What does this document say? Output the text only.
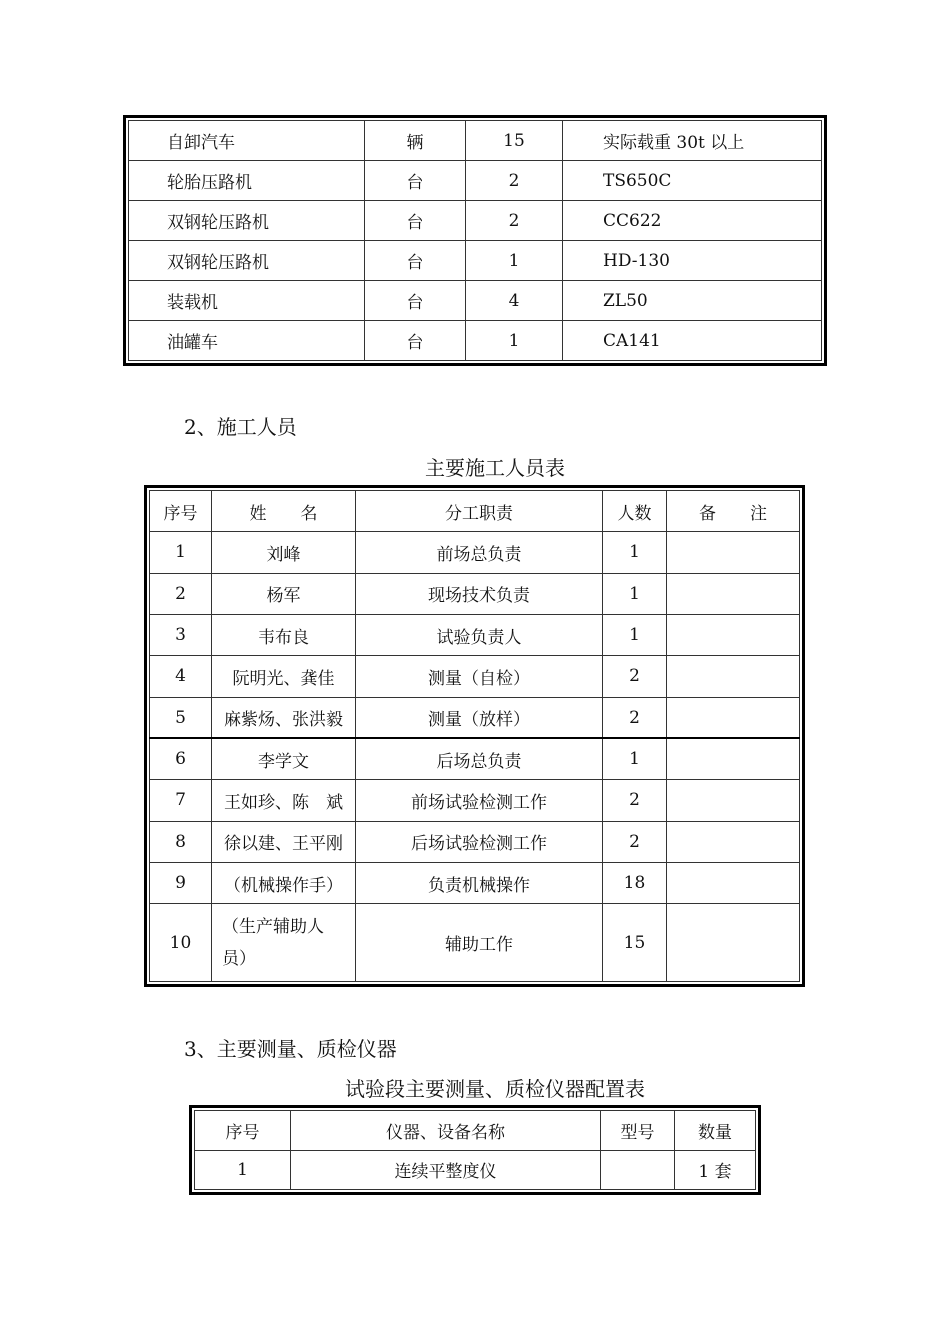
自卸汽车	辆	15	实际载重 30t 以上
轮胎压路机	台	2	TS650C
双钢轮压路机	台	2	CC622
双钢轮压路机	台	1	HD-130
装载机	台	4	ZL50
油罐车	台	1	CA141
2、施工人员
主要施工人员表
序号	姓　　名	分工职责	人数	备　　注
1	刘峰	前场总负责	1	
2	杨军	现场技术负责	1	
3	韦布良	试验负责人	1	
4	阮明光、龚佳	测量（自检）	2	
5	麻紫炀、张洪毅	测量（放样）	2	
6	李学文	后场总负责	1	
7	王如珍、陈　斌	前场试验检测工作	2	
8	徐以建、王平刚	后场试验检测工作	2	
9	（机械操作手）	负责机械操作	18	
10	（生产辅助人员）	辅助工作	15	
3、主要测量、质检仪器
试验段主要测量、质检仪器配置表
序号	仪器、设备名称	型号	数量
1	连续平整度仪		1 套
